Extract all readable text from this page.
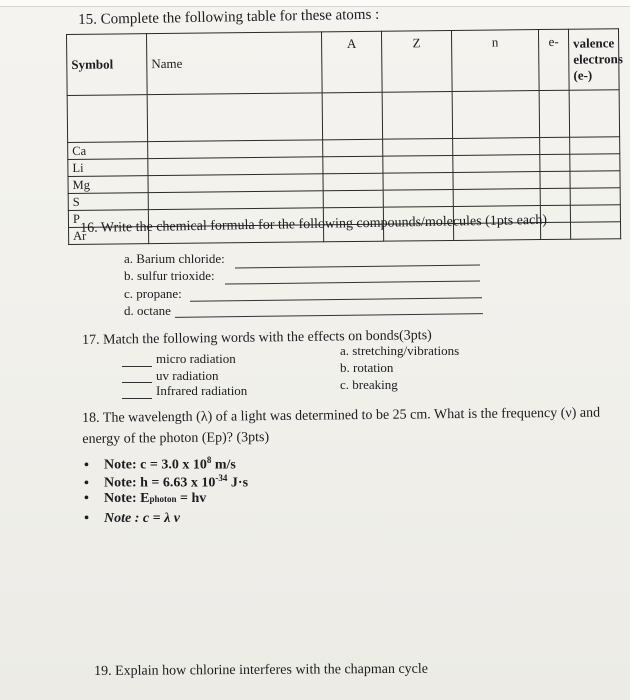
15. Complete the following table for these atoms :
Symbol	Name	A	Z	n	e-	valence
electrons (e-)

Ca						
Li						
Mg						
S						
P						
Ar						
16. Write the chemical formula for the following compounds/molecules (1pts each)
a. Barium chloride:
b. sulfur trioxide:
c. propane:
d. octane
17. Match the following words with the effects on bonds(3pts)
micro radiation
a. stretching/vibrations
uv radiation
b. rotation
Infrared radiation	c. breaking
18. The wavelength (λ) of a light was determined to be 25 cm. What is the frequency (ν) and energy of the photon (Ep)? (3pts)
• Note: c = 3.0 x $10^8$ m/s
• Note: h = 6.63 x $10^{-34}$ J·s
• Note: Ephoton = hv
• Note : c = λ v
19. Explain how chlorine interferes with the chapman cycle
